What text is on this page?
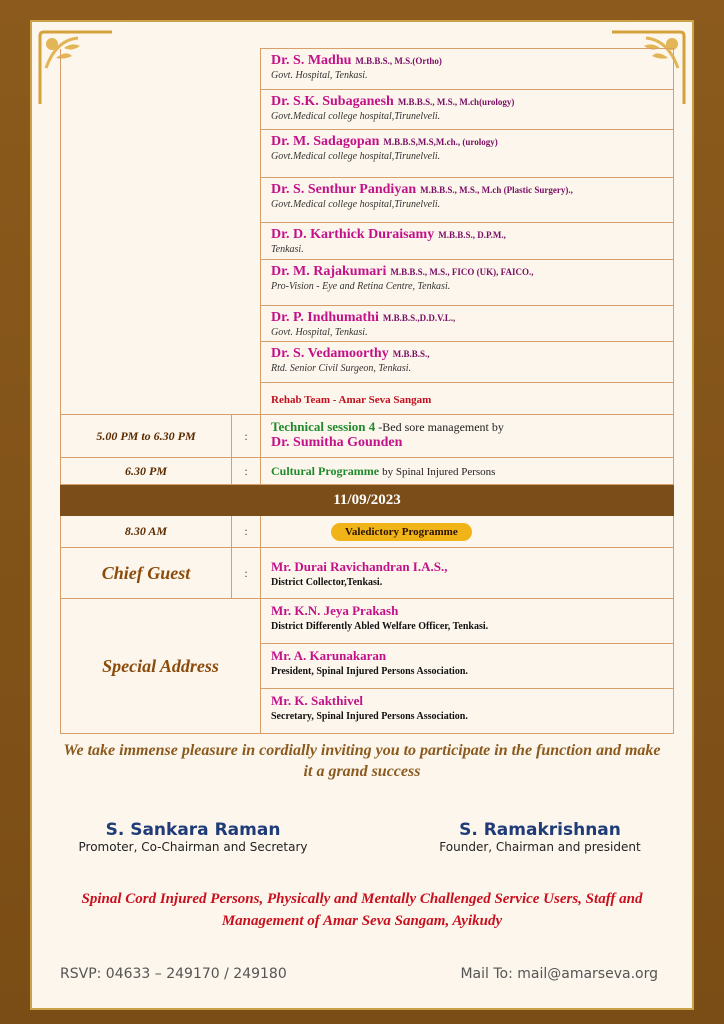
		Dr. S. Madhu M.B.B.S., M.S.(Ortho)
Govt. Hospital, Tenkasi.

		Dr. S.K. Subaganesh M.B.B.S., M.S., M.ch(urology)
Govt.Medical college hospital,Tirunelveli.

		Dr. M. Sadagopan M.B.B.S,M.S,M.ch., (urology)
Govt.Medical college hospital,Tirunelveli.

		Dr. S. Senthur Pandiyan M.B.B.S., M.S., M.ch (Plastic Surgery).,
Govt.Medical college hospital,Tirunelveli.

		Dr. D. Karthick Duraisamy M.B.B.S., D.P.M.,
Tenkasi.

		Dr. M. Rajakumari M.B.B.S., M.S., FICO (UK), FAICO.,
Pro-Vision - Eye and Retina Centre, Tenkasi.

		Dr. P. Indhumathi M.B.B.S.,D.D.V.L.,
Govt. Hospital, Tenkasi.

		Dr. S. Vedamoorthy M.B.B.S.,
Rtd. Senior Civil Surgeon, Tenkasi.

		Rehab Team - Amar Seva Sangam
5.00 PM to 6.30 PM	:	Technical session 4 -Bed sore management by
Dr. Sumitha Gounden
6.30 PM	:	Cultural Programme by Spinal Injured Persons
11/09/2023		
8.30 AM	:	Valedictory Programme
Chief Guest	:	Mr. Durai Ravichandran I.A.S.,
District Collector,Tenkasi.

Special Address		Mr. K.N. Jeya Prakash
District Differently Abled Welfare Officer, Tenkasi.

		Mr. A. Karunakaran
President, Spinal Injured Persons Association.

		Mr. K. Sakthivel
Secretary, Spinal Injured Persons Association.
We take immense pleasure in cordially inviting you to participate in the function and make it a grand success
S. Sankara Raman
Promoter, Co-Chairman and Secretary
S. Ramakrishnan
Founder, Chairman and president
Spinal Cord Injured Persons, Physically and Mentally Challenged Service Users, Staff and Management of Amar Seva Sangam, Ayikudy
RSVP: 04633 – 249170 / 249180	Mail To: mail@amarseva.org
